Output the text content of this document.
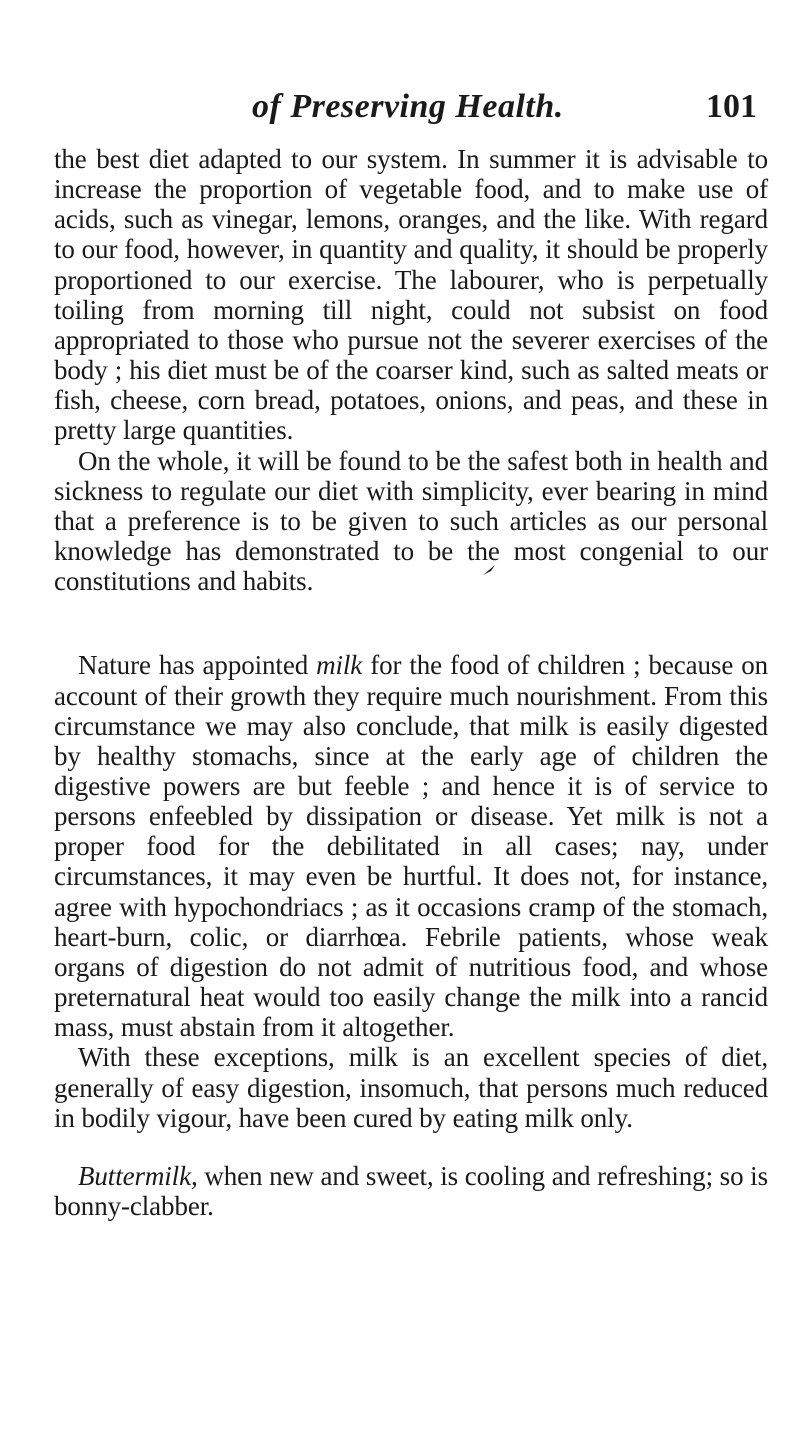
of Preserving Health.	101

the best diet adapted to our system. In summer it is advisable to increase the proportion of vegetable food, and to make use of acids, such as vinegar, lemons, oranges, and the like. With regard to our food, however, in quantity and quality, it should be properly proportioned to our exercise. The labourer, who is perpetually toiling from morning till night, could not subsist on food appropriated to those who pursue not the severer exercises of the body ; his diet must be of the coarser kind, such as salted meats or fish, cheese, corn bread, potatoes, onions, and peas, and these in pretty large quantities.

On the whole, it will be found to be the safest both in health and sickness to regulate our diet with simplicity, ever bearing in mind that a preference is to be given to such articles as our personal knowledge has demonstrated to be the most congenial to our constitutions and habits.

Nature has appointed milk for the food of children ; because on account of their growth they require much nourishment. From this circumstance we may also conclude, that milk is easily digested by healthy stomachs, since at the early age of children the digestive powers are but feeble ; and hence it is of service to persons enfeebled by dissipation or disease. Yet milk is not a proper food for the debilitated in all cases; nay, under circumstances, it may even be hurtful. It does not, for instance, agree with hypochondriacs ; as it occasions cramp of the stomach, heart-burn, colic, or diarrhœa. Febrile patients, whose weak organs of digestion do not admit of nutritious food, and whose preternatural heat would too easily change the milk into a rancid mass, must abstain from it altogether.

With these exceptions, milk is an excellent species of diet, generally of easy digestion, insomuch, that persons much reduced in bodily vigour, have been cured by eating milk only.

Buttermilk, when new and sweet, is cooling and refreshing; so is bonny-clabber.
